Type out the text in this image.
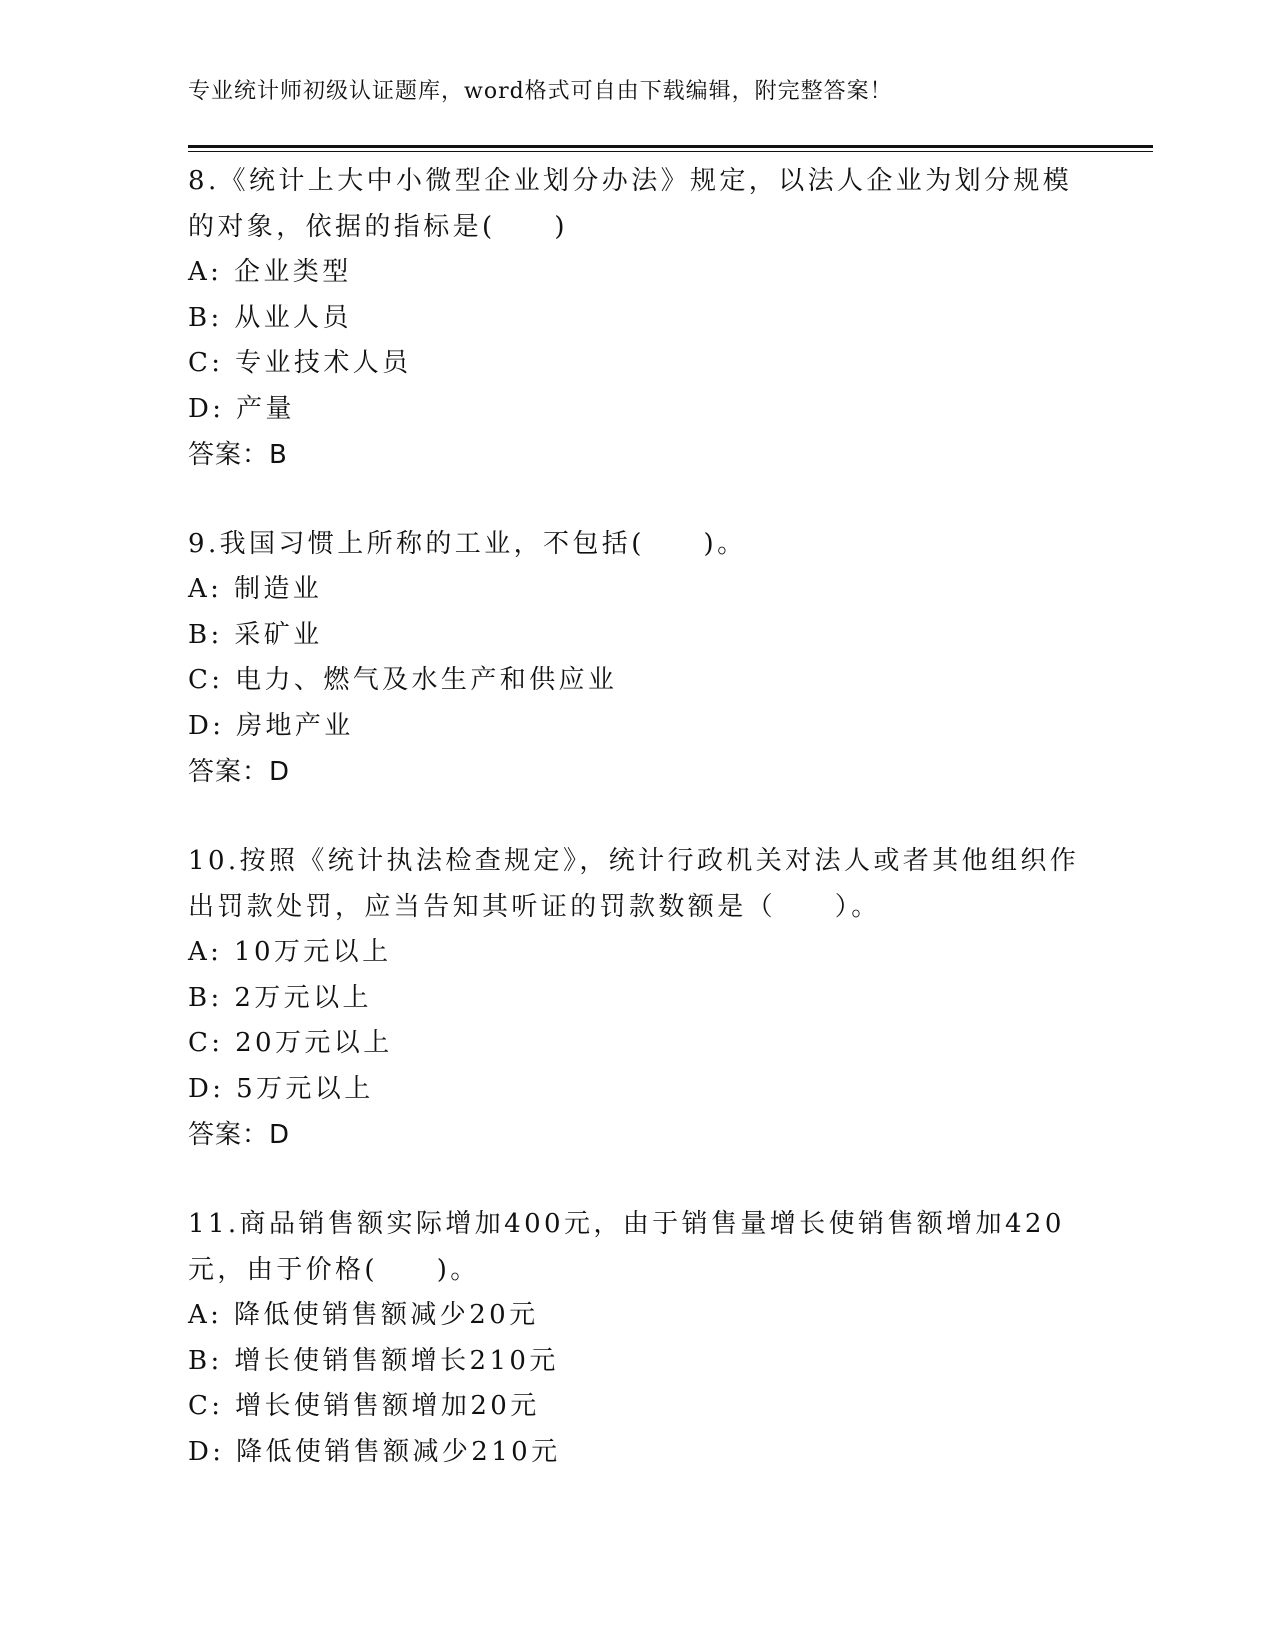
专业统计师初级认证题库，word格式可自由下载编辑，附完整答案！

8.《统计上大中小微型企业划分办法》规定，以法人企业为划分规模的对象，依据的指标是(　　)

A: 企业类型

B: 从业人员

C: 专业技术人员

D: 产量

答案：B

9.我国习惯上所称的工业，不包括(　　)。

A: 制造业

B: 采矿业

C: 电力、燃气及水生产和供应业

D: 房地产业

答案：D

10.按照《统计执法检查规定》，统计行政机关对法人或者其他组织作出罚款处罚，应当告知其听证的罚款数额是（　　）。

A: 10万元以上

B: 2万元以上

C: 20万元以上

D: 5万元以上

答案：D

11.商品销售额实际增加400元，由于销售量增长使销售额增加420元，由于价格(　　)。

A: 降低使销售额减少20元

B: 增长使销售额增长210元

C: 增长使销售额增加20元

D: 降低使销售额减少210元
